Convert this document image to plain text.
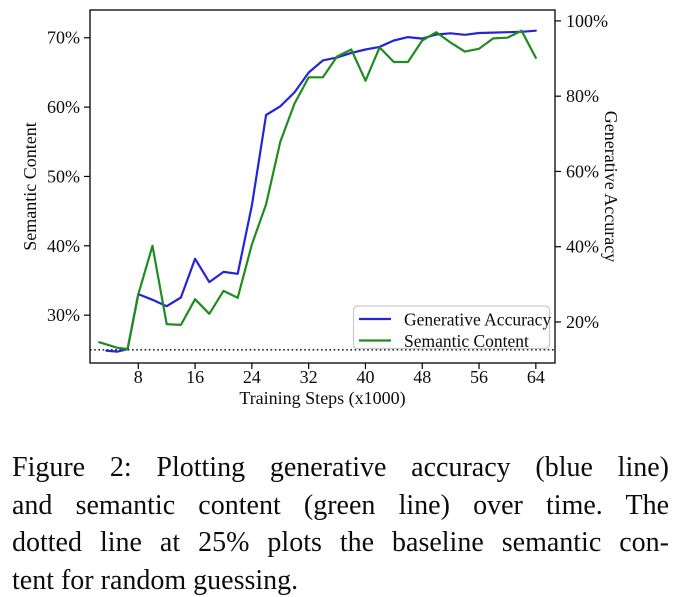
8 16 24 32 40 48 56 64
30%
40%
50%
60%
70%
20%
40%
60%
80%
100%
Training Steps (x1000)
Semantic Content	Generative Accuracy
Generative Accuracy
Semantic Content
Figure 2: Plotting generative accuracy (blue line)
and semantic content (green line) over time. The
dotted line at 25% plots the baseline semantic con-
tent for random guessing.
